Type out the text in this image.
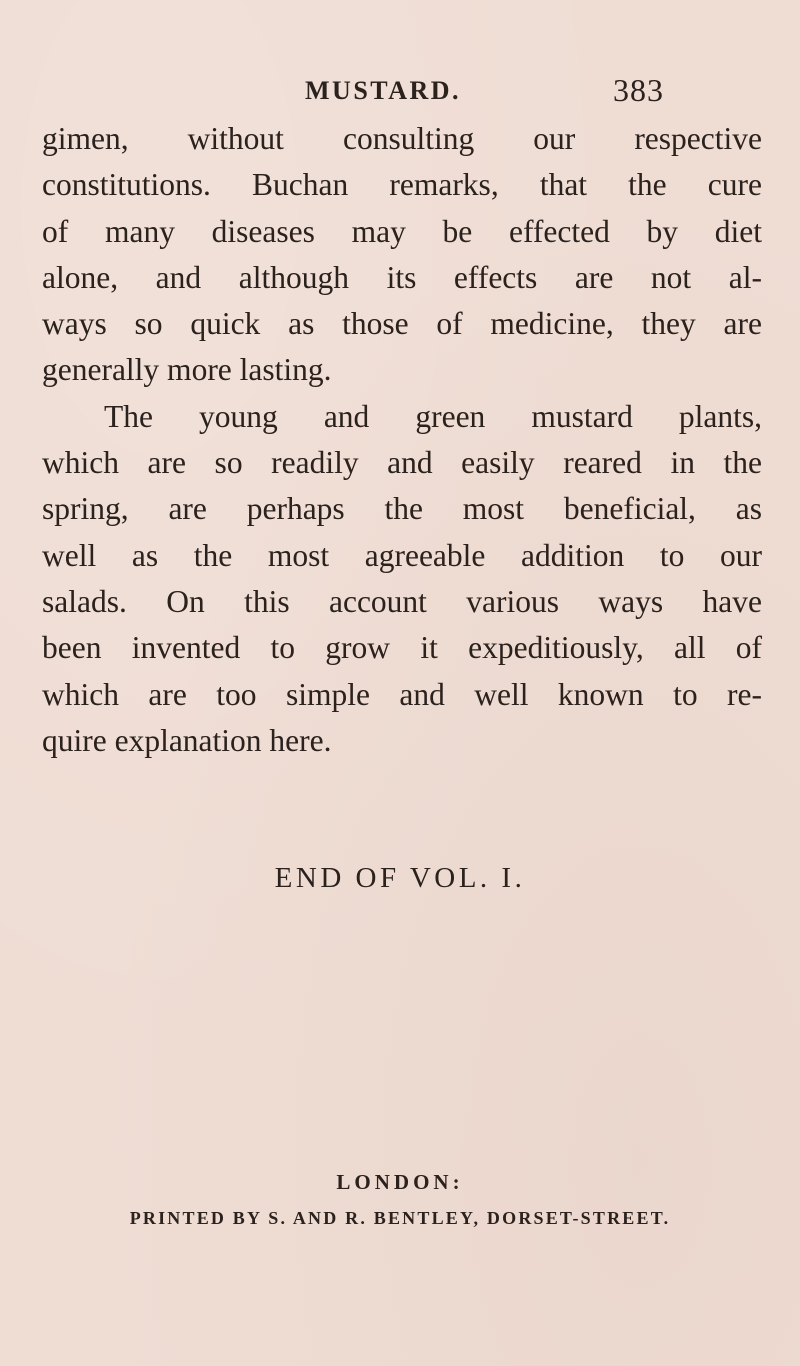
MUSTARD.	383
gimen, without consulting our respective
constitutions. Buchan remarks, that the cure
of many diseases may be effected by diet
alone, and although its effects are not al-
ways so quick as those of medicine, they are
generally more lasting.
The young and green mustard plants,
which are so readily and easily reared in the
spring, are perhaps the most beneficial, as
well as the most agreeable addition to our
salads. On this account various ways have
been invented to grow it expeditiously, all of
which are too simple and well known to re-
quire explanation here.
END OF VOL. I.
LONDON:
PRINTED BY S. AND R. BENTLEY, DORSET-STREET.
